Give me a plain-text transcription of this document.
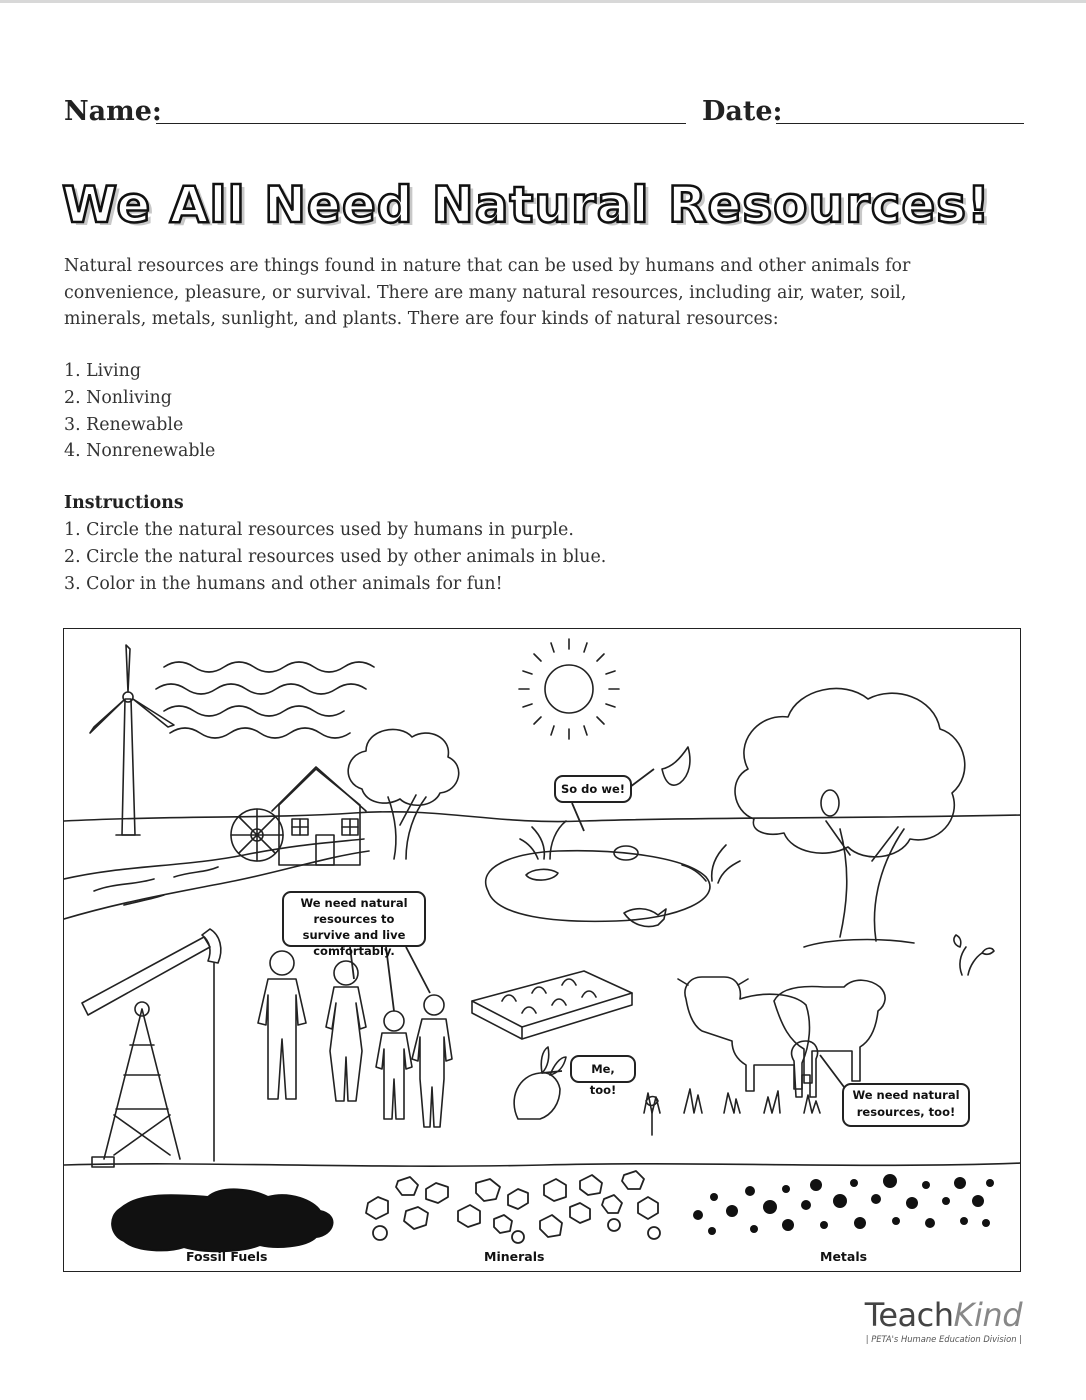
Name:	Date:
We All Need Natural Resources!

Natural resources are things found in nature that can be used by humans and other animals for convenience, pleasure, or survival. There are many natural resources, including air, water, soil, minerals, metals, sunlight, and plants. There are four kinds of natural resources:

1. Living
2. Nonliving
3. Renewable
4. Nonrenewable
Instructions
1. Circle the natural resources used by humans in purple.
2. Circle the natural resources used by other animals in blue.
3. Color in the humans and other animals for fun!
So do we!
We need natural resources to survive and live comfortably.
Me, too!	We need natural resources, too!
Fossil Fuels	Minerals	Metals
TeachKind
| PETA's Humane Education Division |
